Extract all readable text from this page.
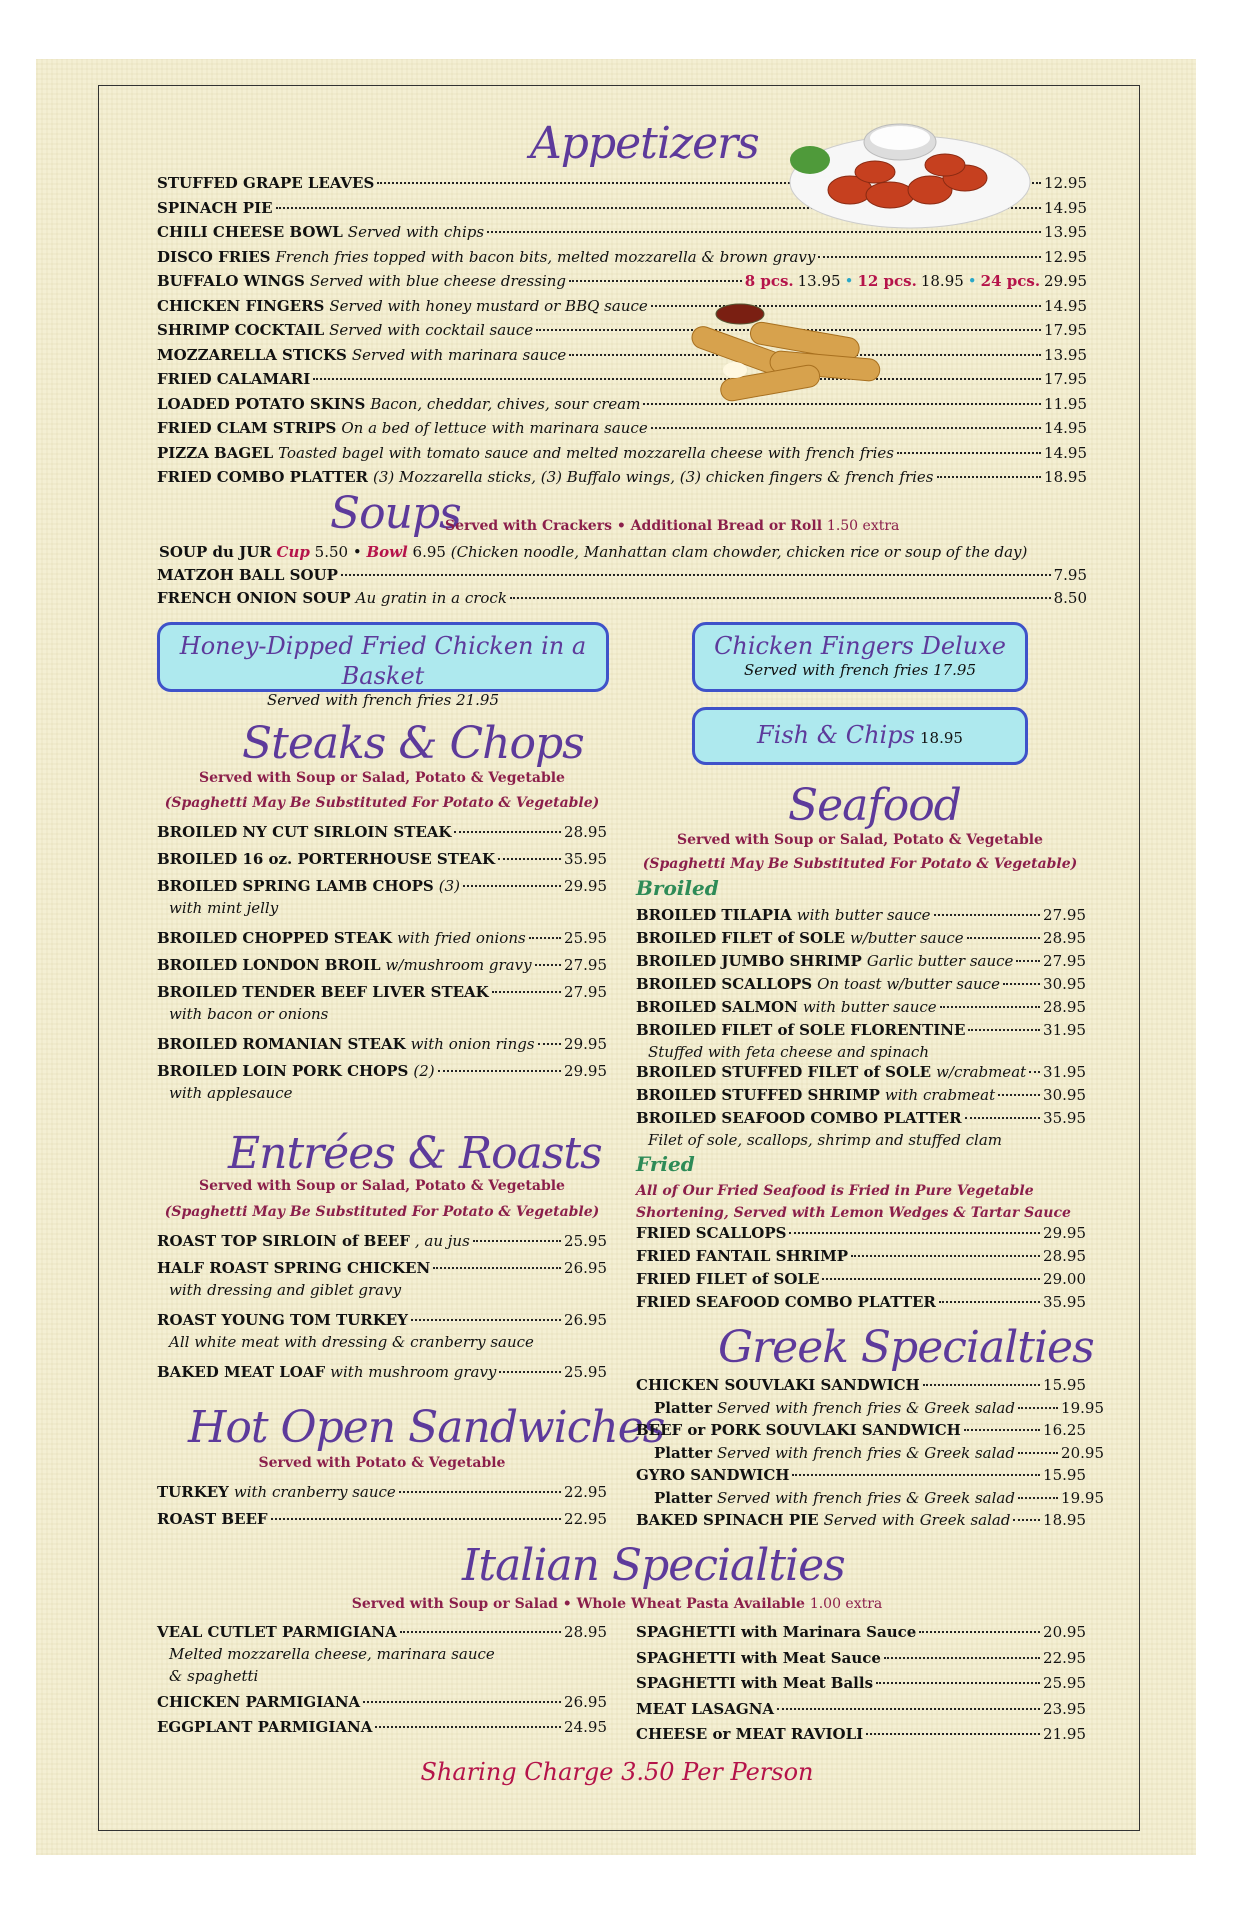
Appetizers
STUFFED GRAPE LEAVES	12.95
SPINACH PIE	14.95
CHILI CHEESE BOWL Served with chips	13.95
DISCO FRIES French fries topped with bacon bits, melted mozzarella & brown gravy	12.95
BUFFALO WINGS Served with blue cheese dressing	8 pcs. 13.95 • 12 pcs. 18.95 • 24 pcs. 29.95
CHICKEN FINGERS Served with honey mustard or BBQ sauce	14.95
SHRIMP COCKTAIL Served with cocktail sauce	17.95
MOZZARELLA STICKS Served with marinara sauce	13.95
FRIED CALAMARI	17.95
LOADED POTATO SKINS Bacon, cheddar, chives, sour cream	11.95
FRIED CLAM STRIPS On a bed of lettuce with marinara sauce	14.95
PIZZA BAGEL Toasted bagel with tomato sauce and melted mozzarella cheese with french fries	14.95
FRIED COMBO PLATTER (3) Mozzarella sticks, (3) Buffalo wings, (3) chicken fingers & french fries	18.95
Soups
Served with Crackers • Additional Bread or Roll 1.50 extra
SOUP du JUR Cup 5.50 • Bowl 6.95 (Chicken noodle, Manhattan clam chowder, chicken rice or soup of the day)
MATZOH BALL SOUP	7.95
FRENCH ONION SOUP Au gratin in a crock	8.50
Honey-Dipped Fried Chicken in a Basket
Served with french fries 21.95
Chicken Fingers Deluxe
Served with french fries 17.95
Fish & Chips 18.95
Steaks & Chops
Served with Soup or Salad, Potato & Vegetable
(Spaghetti May Be Substituted For Potato & Vegetable)
BROILED NY CUT SIRLOIN STEAK	28.95
BROILED 16 oz. PORTERHOUSE STEAK	35.95
BROILED SPRING LAMB CHOPS (3)	29.95
with mint jelly
BROILED CHOPPED STEAK with fried onions	25.95
BROILED LONDON BROIL w/mushroom gravy 27.95
BROILED TENDER BEEF LIVER STEAK	27.95
with bacon or onions
BROILED ROMANIAN STEAK with onion rings 29.95
BROILED LOIN PORK CHOPS (2)	29.95
with applesauce
Entrées & Roasts
Served with Soup or Salad, Potato & Vegetable
(Spaghetti May Be Substituted For Potato & Vegetable)
ROAST TOP SIRLOIN of BEEF , au jus	25.95
HALF ROAST SPRING CHICKEN	26.95
with dressing and giblet gravy
ROAST YOUNG TOM TURKEY	26.95
All white meat with dressing & cranberry sauce
BAKED MEAT LOAF with mushroom gravy	25.95
Hot Open Sandwiches
Served with Potato & Vegetable
TURKEY with cranberry sauce	22.95
ROAST BEEF	22.95
Seafood
Served with Soup or Salad, Potato & Vegetable
(Spaghetti May Be Substituted For Potato & Vegetable)
Broiled
BROILED TILAPIA with butter sauce	27.95
BROILED FILET of SOLE w/butter sauce	28.95
BROILED JUMBO SHRIMP Garlic butter sauce 27.95
BROILED SCALLOPS On toast w/butter sauce	30.95
BROILED SALMON with butter sauce	28.95
BROILED FILET of SOLE FLORENTINE	31.95
Stuffed with feta cheese and spinach
BROILED STUFFED FILET of SOLE w/crabmeat 31.95
BROILED STUFFED SHRIMP with crabmeat	30.95
BROILED SEAFOOD COMBO PLATTER	35.95
Filet of sole, scallops, shrimp and stuffed clam
Fried
All of Our Fried Seafood is Fried in Pure Vegetable
Shortening, Served with Lemon Wedges & Tartar Sauce
FRIED SCALLOPS	29.95
FRIED FANTAIL SHRIMP	28.95
FRIED FILET of SOLE	29.00
FRIED SEAFOOD COMBO PLATTER	35.95
Greek Specialties
CHICKEN SOUVLAKI SANDWICH	15.95
Platter Served with french fries & Greek salad	19.95
BEEF or PORK SOUVLAKI SANDWICH	16.25
Platter Served with french fries & Greek salad	20.95
GYRO SANDWICH	15.95
Platter Served with french fries & Greek salad	19.95
BAKED SPINACH PIE Served with Greek salad 18.95
Italian Specialties
Served with Soup or Salad • Whole Wheat Pasta Available 1.00 extra
VEAL CUTLET PARMIGIANA	28.95
Melted mozzarella cheese, marinara sauce
& spaghetti
CHICKEN PARMIGIANA	26.95
EGGPLANT PARMIGIANA	24.95
SPAGHETTI with Marinara Sauce	20.95
SPAGHETTI with Meat Sauce	22.95
SPAGHETTI with Meat Balls	25.95
MEAT LASAGNA	23.95
CHEESE or MEAT RAVIOLI	21.95
Sharing Charge 3.50 Per Person
